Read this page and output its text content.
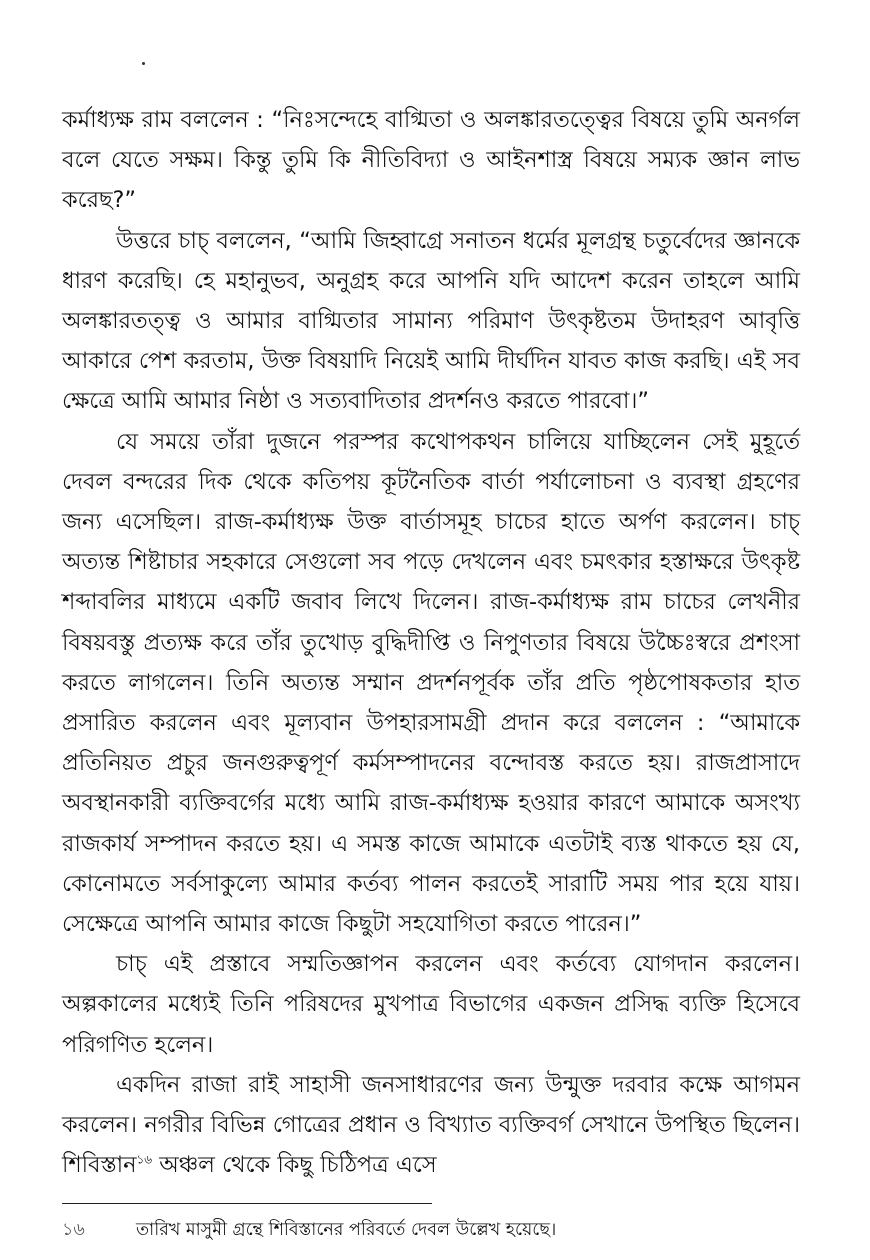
কর্মাধ্যক্ষ রাম বললেন : “নিঃসন্দেহে বাগ্মিতা ও অলঙ্কারতত্ত্বের বিষয়ে তুমি অনর্গল বলে যেতে সক্ষম। কিন্তু তুমি কি নীতিবিদ্যা ও আইনশাস্ত্র বিষয়ে সম্যক জ্ঞান লাভ করেছ?”

উত্তরে চাচ্ বললেন, “আমি জিহ্বাগ্রে সনাতন ধর্মের মূলগ্রন্থ চতুর্বেদের জ্ঞানকে ধারণ করেছি। হে মহানুভব, অনুগ্রহ করে আপনি যদি আদেশ করেন তাহলে আমি অলঙ্কারতত্ত্ব ও আমার বাগ্মিতার সামান্য পরিমাণ উৎকৃষ্টতম উদাহরণ আবৃত্তি আকারে পেশ করতাম, উক্ত বিষয়াদি নিয়েই আমি দীর্ঘদিন যাবত কাজ করছি। এই সব ক্ষেত্রে আমি আমার নিষ্ঠা ও সত্যবাদিতার প্রদর্শনও করতে পারবো।”

যে সময়ে তাঁরা দুজনে পরস্পর কথোপকথন চালিয়ে যাচ্ছিলেন সেই মুহূর্তে দেবল বন্দরের দিক থেকে কতিপয় কূটনৈতিক বার্তা পর্যালোচনা ও ব্যবস্থা গ্রহণের জন্য এসেছিল। রাজ-কর্মাধ্যক্ষ উক্ত বার্তাসমূহ চাচের হাতে অর্পণ করলেন। চাচ্ অত্যন্ত শিষ্টাচার সহকারে সেগুলো সব পড়ে দেখলেন এবং চমৎকার হস্তাক্ষরে উৎকৃষ্ট শব্দাবলির মাধ্যমে একটি জবাব লিখে দিলেন। রাজ-কর্মাধ্যক্ষ রাম চাচের লেখনীর বিষয়বস্তু প্রত্যক্ষ করে তাঁর তুখোড় বুদ্ধিদীপ্তি ও নিপুণতার বিষয়ে উচ্চৈঃস্বরে প্রশংসা করতে লাগলেন। তিনি অত্যন্ত সম্মান প্রদর্শনপূর্বক তাঁর প্রতি পৃষ্ঠপোষকতার হাত প্রসারিত করলেন এবং মূল্যবান উপহারসামগ্রী প্রদান করে বললেন : “আমাকে প্রতিনিয়ত প্রচুর জনগুরুত্বপূর্ণ কর্মসম্পাদনের বন্দোবস্ত করতে হয়। রাজপ্রাসাদে অবস্থানকারী ব্যক্তিবর্গের মধ্যে আমি রাজ-কর্মাধ্যক্ষ হওয়ার কারণে আমাকে অসংখ্য রাজকার্য সম্পাদন করতে হয়। এ সমস্ত কাজে আমাকে এতটাই ব্যস্ত থাকতে হয় যে, কোনোমতে সর্বসাকুল্যে আমার কর্তব্য পালন করতেই সারাটি সময় পার হয়ে যায়। সেক্ষেত্রে আপনি আমার কাজে কিছুটা সহযোগিতা করতে পারেন।”

চাচ্ এই প্রস্তাবে সম্মতিজ্ঞাপন করলেন এবং কর্তব্যে যোগদান করলেন। অল্পকালের মধ্যেই তিনি পরিষদের মুখপাত্র বিভাগের একজন প্রসিদ্ধ ব্যক্তি হিসেবে পরিগণিত হলেন।

একদিন রাজা রাই সাহাসী জনসাধারণের জন্য উন্মুক্ত দরবার কক্ষে আগমন করলেন। নগরীর বিভিন্ন গোত্রের প্রধান ও বিখ্যাত ব্যক্তিবর্গ সেখানে উপস্থিত ছিলেন। শিবিস্তান$^{১৬}$ অঞ্চল থেকে কিছু চিঠিপত্র এসে

১৬	তারিখ মাসুমী গ্রন্থে শিবিস্তানের পরিবর্তে দেবল উল্লেখ হয়েছে।
